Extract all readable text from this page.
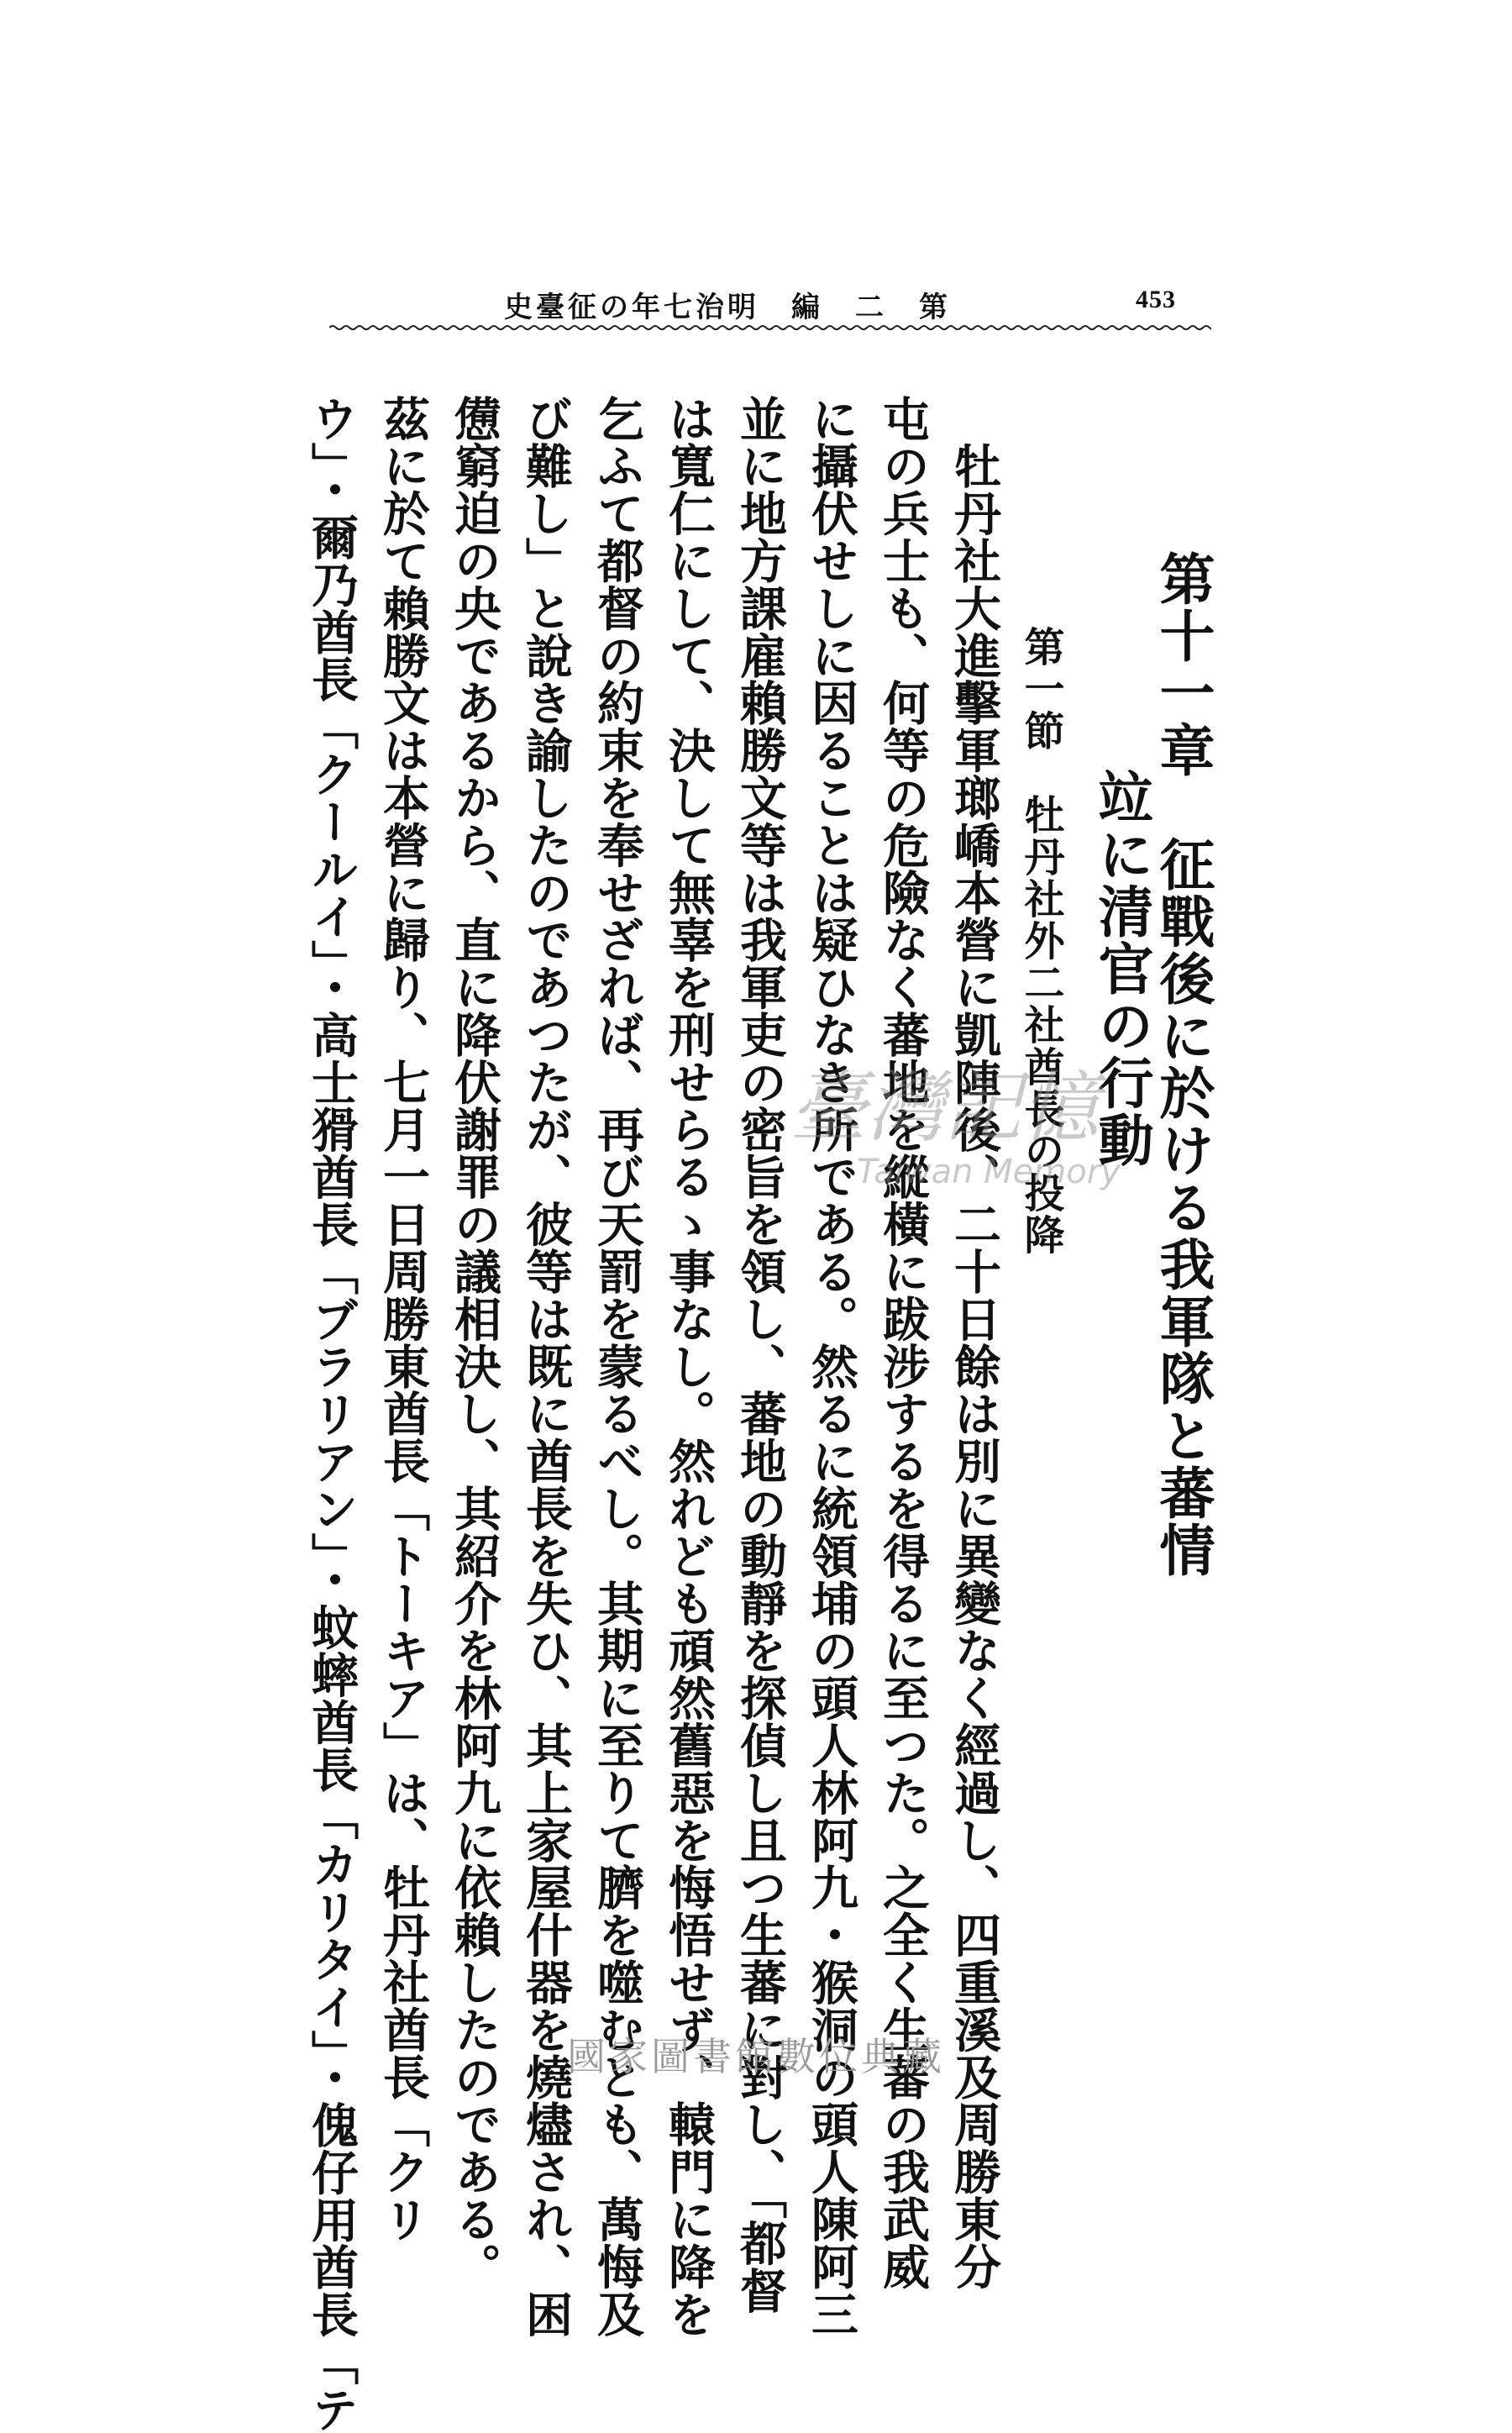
453
第　二　編　明治七年の征臺史
第十一章　征戰後に於ける我軍隊と蕃情
竝に清官の行動
第一節　牡丹社外二社酋長の投降
　牡丹社大進擊軍瑯嶠本營に凱陣後、二十日餘は別に異變なく經過し、四重溪及周勝東分
屯の兵士も、何等の危險なく蕃地を縱橫に跋涉するを得るに至つた。之全く生蕃の我武威
に攝伏せしに因ることは疑ひなき所である。然るに統領埔の頭人林阿九・猴洞の頭人陳阿三
並に地方課雇賴勝文等は我軍吏の密旨を領し、蕃地の動靜を探偵し且つ生蕃に對し、「都督
は寬仁にして、決して無辜を刑せらるゝ事なし。然れども頑然舊惡を悔悟せず、轅門に降を
乞ふて都督の約束を奉せざれば、再び天罰を蒙るべし。其期に至りて臍を噬むとも、萬悔及
び難し」と說き諭したのであつたが、彼等は既に酋長を失ひ、其上家屋什器を燒燼され、困
憊窮迫の央であるから、直に降伏謝罪の議相決し、其紹介を林阿九に依賴したのである。
茲に於て賴勝文は本營に歸り、七月一日周勝東酋長「トーキア」は、牡丹社酋長「クリ
ウ」・爾乃酋長「クールイ」・高士猾酋長「ブラリアン」・蚊蟀酋長「カリタイ」・傀仔用酋長「テ	臺灣記憶
Taiwan Memory
國家圖書館數位典藏
